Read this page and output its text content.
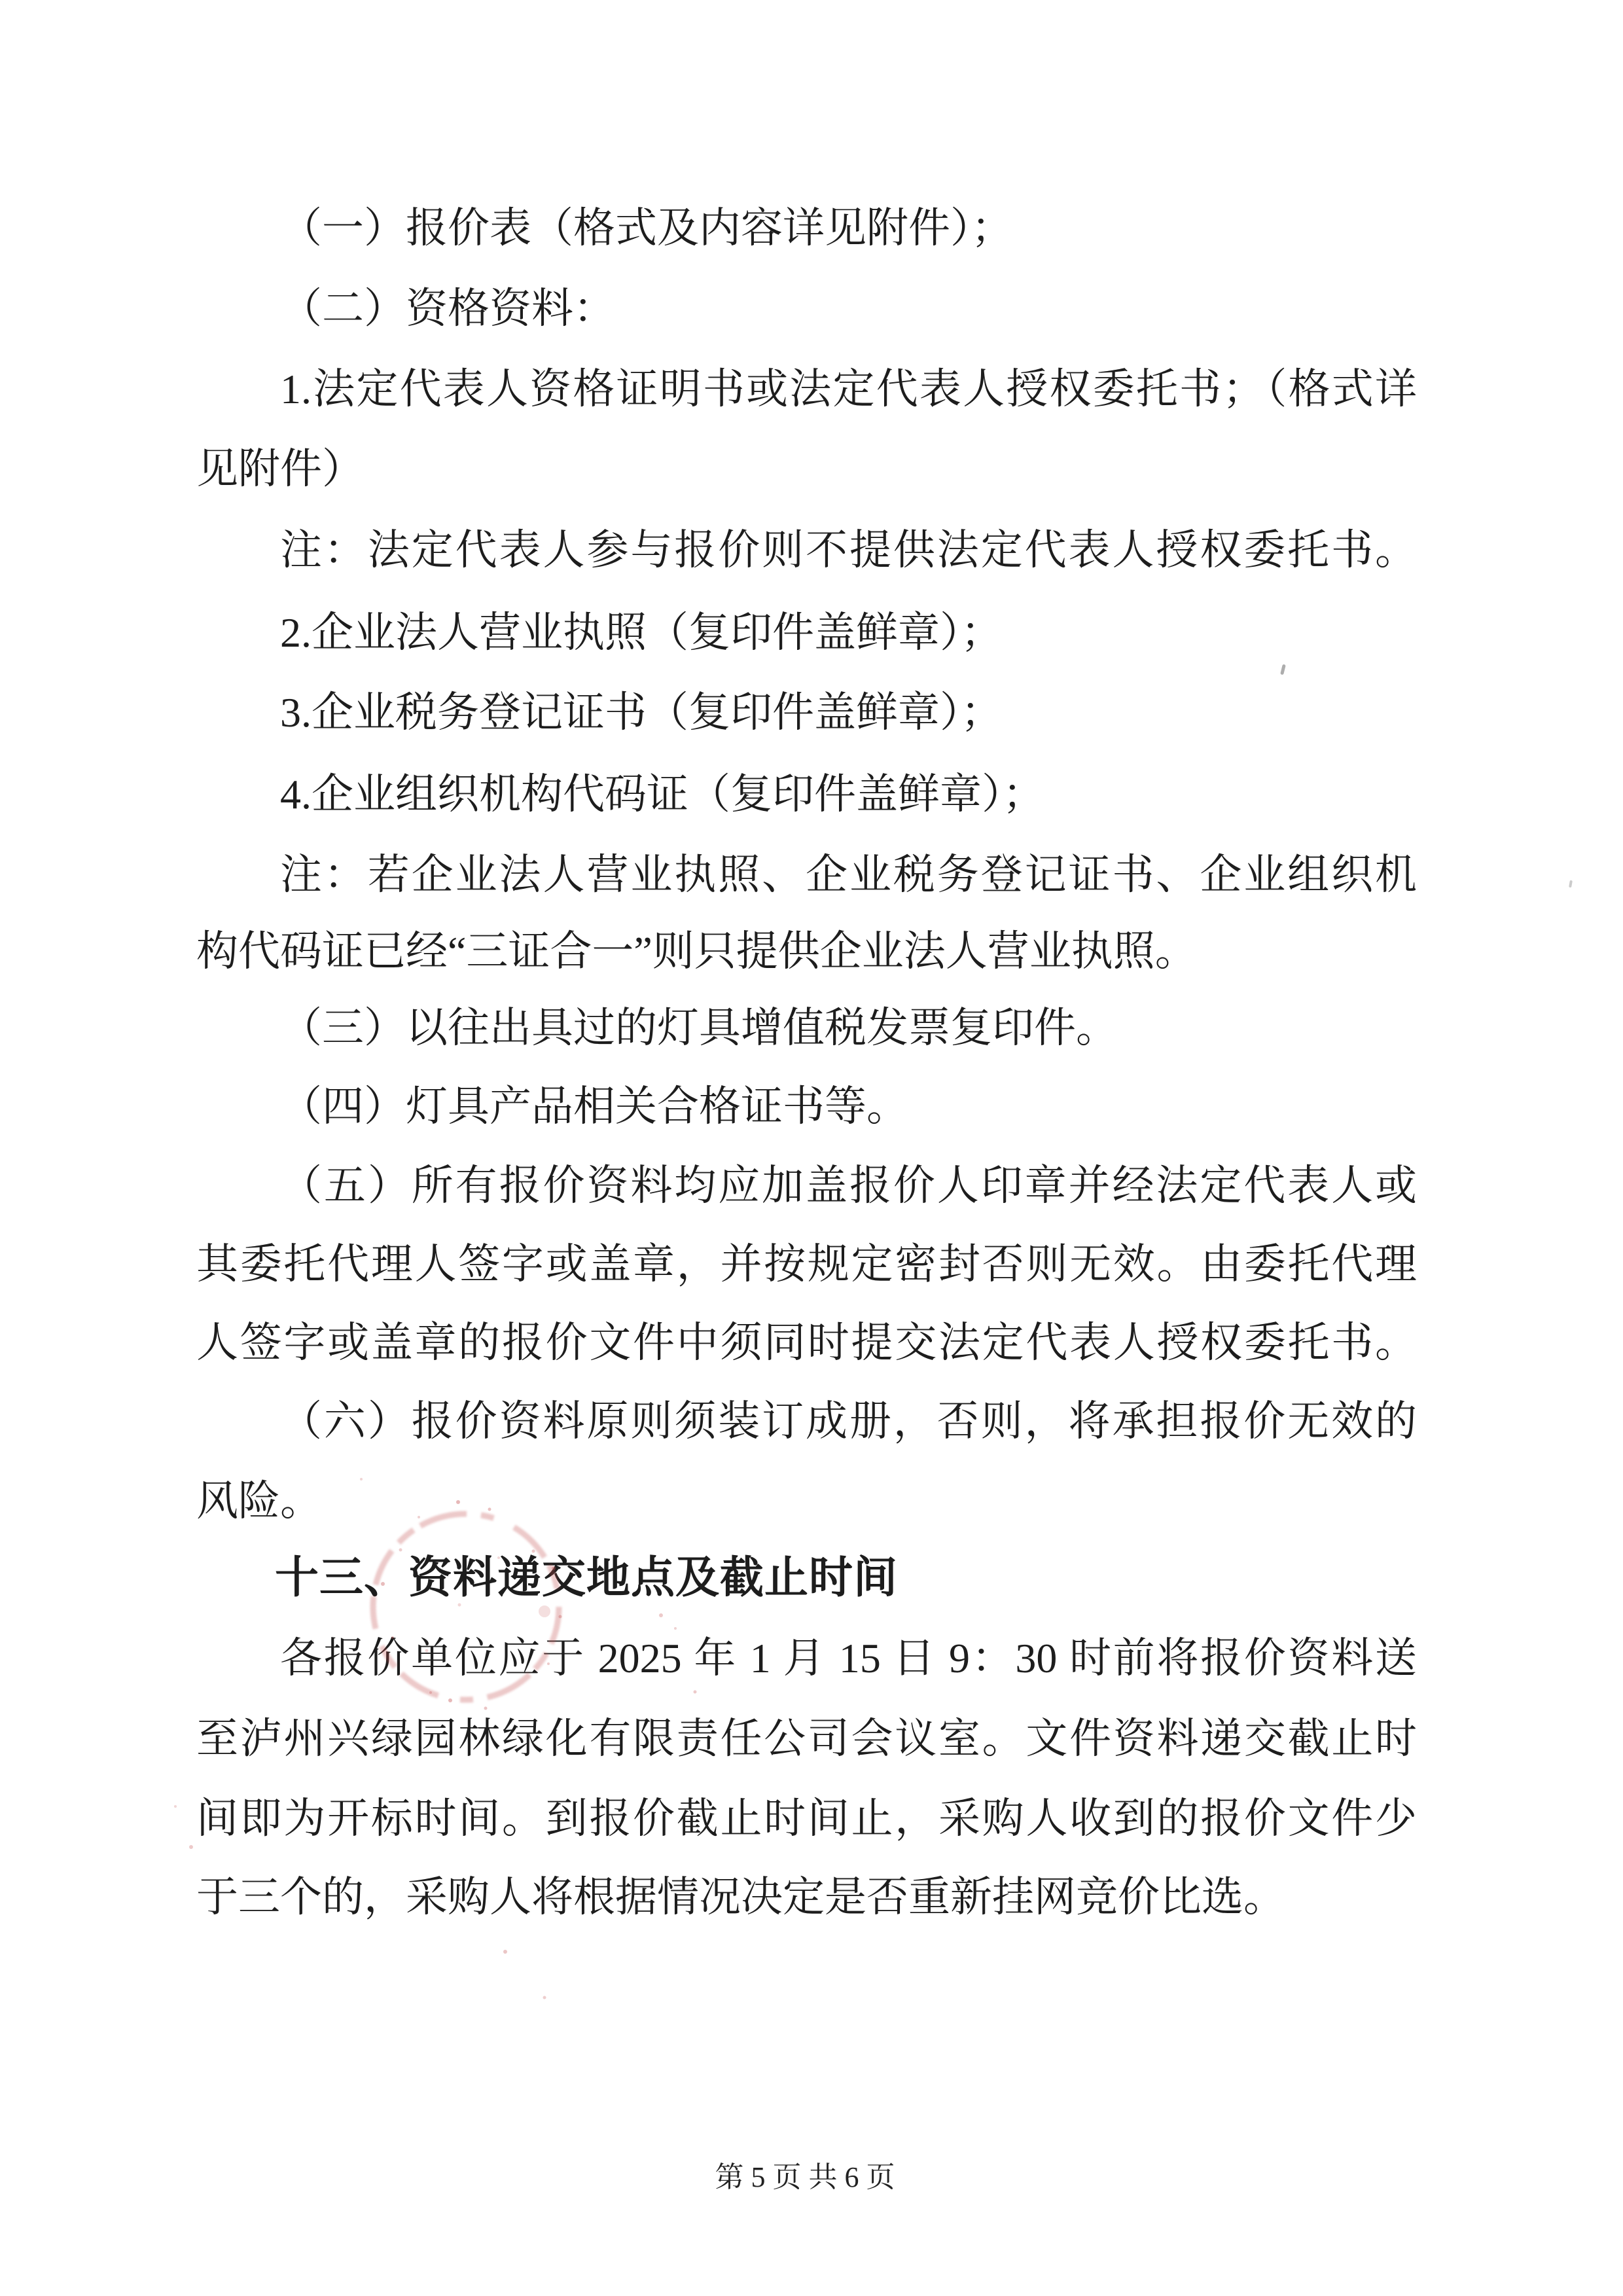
（一）报价表（格式及内容详见附件）；
（二）资格资料：
1.法定代表人资格证明书或法定代表人授权委托书；（格式详
见附件）
注：法定代表人参与报价则不提供法定代表人授权委托书。
2.企业法人营业执照（复印件盖鲜章）；
3.企业税务登记证书（复印件盖鲜章）；
4.企业组织机构代码证（复印件盖鲜章）；
注：若企业法人营业执照、企业税务登记证书、企业组织机
构代码证已经“三证合一”则只提供企业法人营业执照。
（三）以往出具过的灯具增值税发票复印件。
（四）灯具产品相关合格证书等。
（五）所有报价资料均应加盖报价人印章并经法定代表人或
其委托代理人签字或盖章，并按规定密封否则无效。由委托代理
人签字或盖章的报价文件中须同时提交法定代表人授权委托书。
（六）报价资料原则须装订成册，否则，将承担报价无效的
风险。
十三、资料递交地点及截止时间
各报价单位应于 2025 年 1 月 15 日 9：30 时前将报价资料送
至泸州兴绿园林绿化有限责任公司会议室。文件资料递交截止时
间即为开标时间。到报价截止时间止，采购人收到的报价文件少
于三个的，采购人将根据情况决定是否重新挂网竞价比选。
第 5 页 共 6 页
